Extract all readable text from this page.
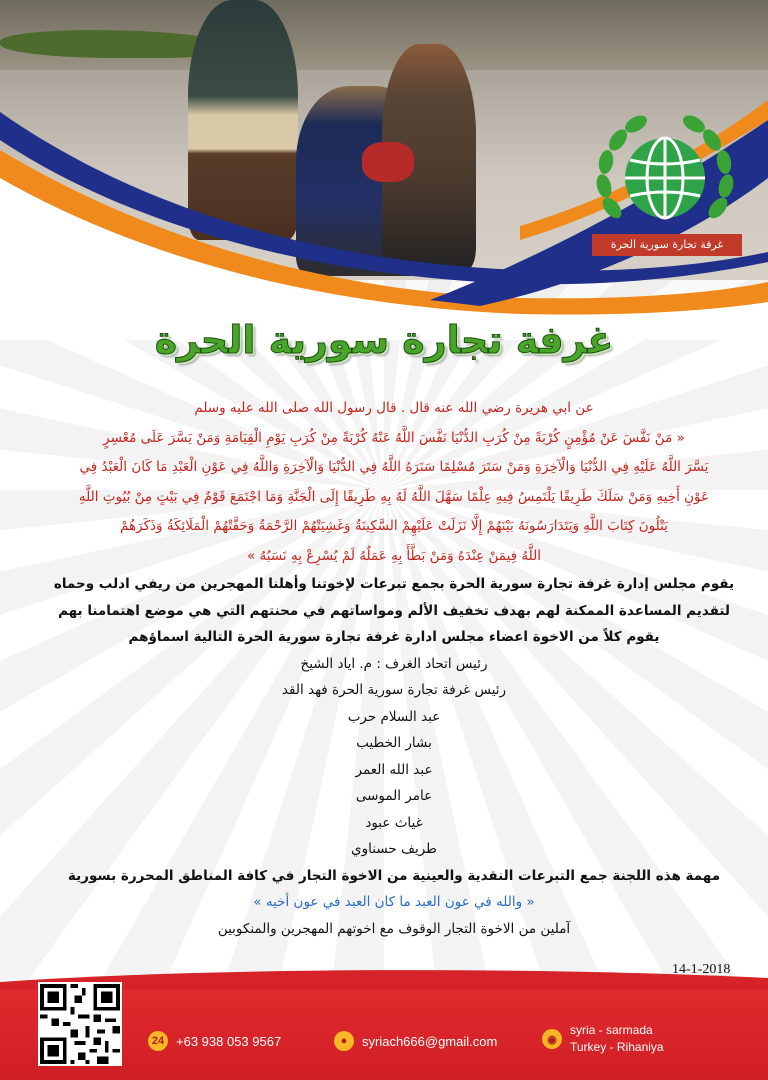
غرفة تجارة سورية الحرة
غرفة تجارة سورية الحرة
عن ابي هريرة رضي الله عنه قال . قال رسول الله صلى الله عليه وسلم
« مَنْ نَفَّسَ عَنْ مُؤْمِنٍ كُرْبَةً مِنْ كُرَبِ الدُّنْيَا نَفَّسَ اللَّهُ عَنْهُ كُرْبَةً مِنْ كُرَبِ يَوْمِ الْقِيَامَةِ وَمَنْ يَسَّرَ عَلَى مُعْسِرٍ
يَسَّرَ اللَّهُ عَلَيْهِ فِي الدُّنْيَا وَالْآخِرَةِ وَمَنْ سَتَرَ مُسْلِمًا سَتَرَهُ اللَّهُ فِي الدُّنْيَا وَالْآخِرَةِ وَاللَّهُ فِي عَوْنِ الْعَبْدِ مَا كَانَ الْعَبْدُ فِي
عَوْنِ أَخِيهِ وَمَنْ سَلَكَ طَرِيقًا يَلْتَمِسُ فِيهِ عِلْمًا سَهَّلَ اللَّهُ لَهُ بِهِ طَرِيقًا إِلَى الْجَنَّةِ وَمَا اجْتَمَعَ قَوْمٌ فِي بَيْتٍ مِنْ بُيُوتِ اللَّهِ
يَتْلُونَ كِتَابَ اللَّهِ وَيَتَدَارَسُونَهُ بَيْنَهُمْ إِلَّا نَزَلَتْ عَلَيْهِمْ السَّكِينَةُ وَغَشِيَتْهُمْ الرَّحْمَةُ وَحَفَّتْهُمْ الْمَلَائِكَةُ وَذَكَرَهُمْ
اللَّهُ فِيمَنْ عِنْدَهُ وَمَنْ بَطَّأَ بِهِ عَمَلُهُ لَمْ يُسْرِعْ بِهِ نَسَبُهُ »
يقوم مجلس إدارة غرفة تجارة سورية الحرة بجمع تبرعات لإخوتنا وأهلنا المهجرين من ريفي ادلب وحماه
لتقديم المساعدة الممكنة لهم بهدف تخفيف الألم ومواساتهم في محنتهم التي هي موضع اهتمامنا بهم
يقوم كلاً من الاخوة اعضاء مجلس ادارة غرفة تجارة سورية الحرة التالية اسماؤهم
رئيس اتحاد الغرف : م. اياد الشيخ
رئيس غرفة تجارة سورية الحرة فهد القد
عبد السلام حرب
بشار الخطيب
عبد الله العمر
عامر الموسى
غياث عبود
طريف حسناوي
مهمة هذه اللجنة جمع التبرعات النقدية والعينية من الاخوة التجار في كافة المناطق المحررة بسورية
« والله في عون العبد ما كان العبد في عون أخيه »
آملين من الاخوة التجار الوقوف مع اخوتهم المهجرين والمنكوبين
14-1-2018
24 +63 938 053 9567	●	syriach666@gmail.com	◉
syria - sarmada
Turkey - Rihaniya
